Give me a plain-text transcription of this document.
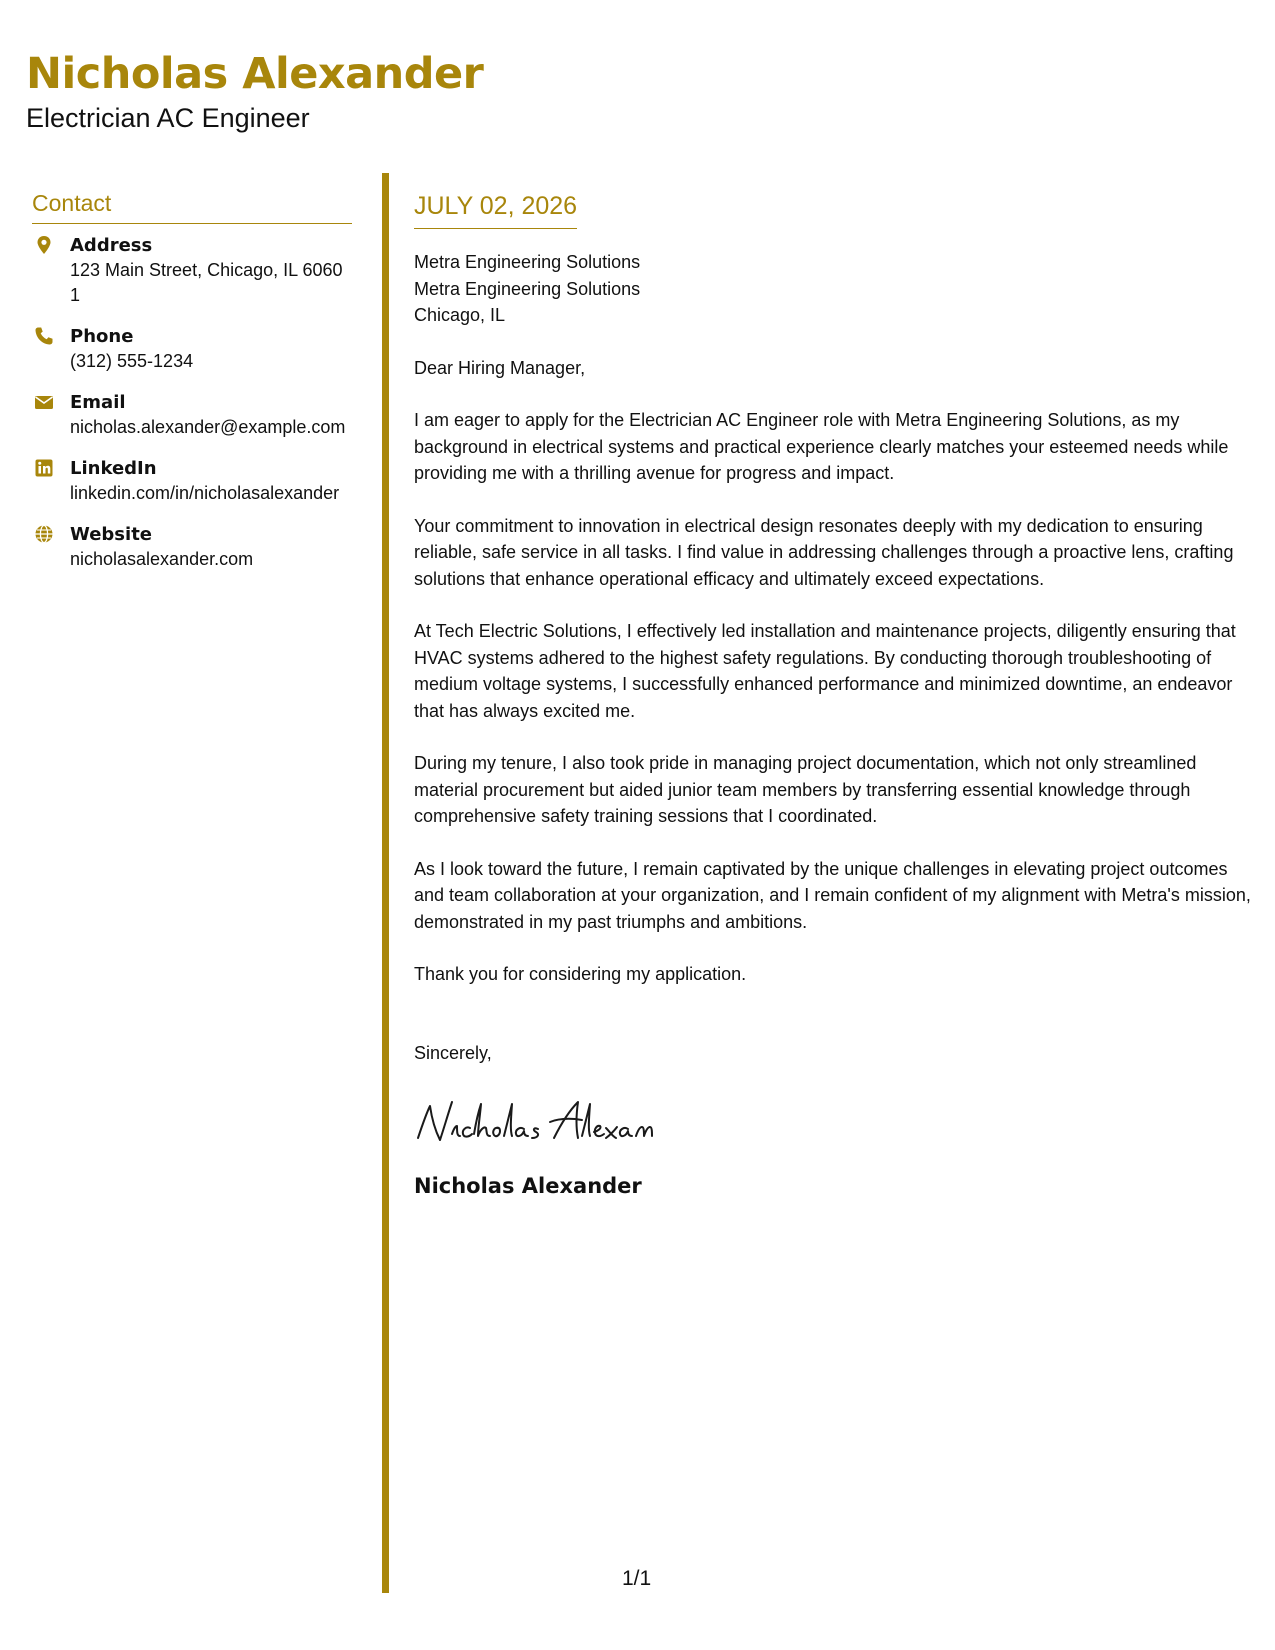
Nicholas Alexander
Electrician AC Engineer
Contact
Address
123 Main Street, Chicago, IL 60601
Phone
(312) 555-1234
Email
nicholas.alexander@example.com
LinkedIn
linkedin.com/in/nicholasalexander
Website
nicholasalexander.com
JULY 02, 2026

Metra Engineering Solutions

Metra Engineering Solutions

Chicago, IL

Dear Hiring Manager,

I am eager to apply for the Electrician AC Engineer role with Metra Engineering Solutions, as my background in electrical systems and practical experience clearly matches your esteemed needs while providing me with a thrilling avenue for progress and impact.

Your commitment to innovation in electrical design resonates deeply with my dedication to ensuring reliable, safe service in all tasks. I find value in addressing challenges through a proactive lens, crafting solutions that enhance operational efficacy and ultimately exceed expectations.

At Tech Electric Solutions, I effectively led installation and maintenance projects, diligently ensuring that HVAC systems adhered to the highest safety regulations. By conducting thorough troubleshooting of medium voltage systems, I successfully enhanced performance and minimized downtime, an endeavor that has always excited me.

During my tenure, I also took pride in managing project documentation, which not only streamlined material procurement but aided junior team members by transferring essential knowledge through comprehensive safety training sessions that I coordinated.

As I look toward the future, I remain captivated by the unique challenges in elevating project outcomes and team collaboration at your organization, and I remain confident of my alignment with Metra's mission, demonstrated in my past triumphs and ambitions.

Thank you for considering my application.

Sincerely,

Nicholas Alexander
1/1
